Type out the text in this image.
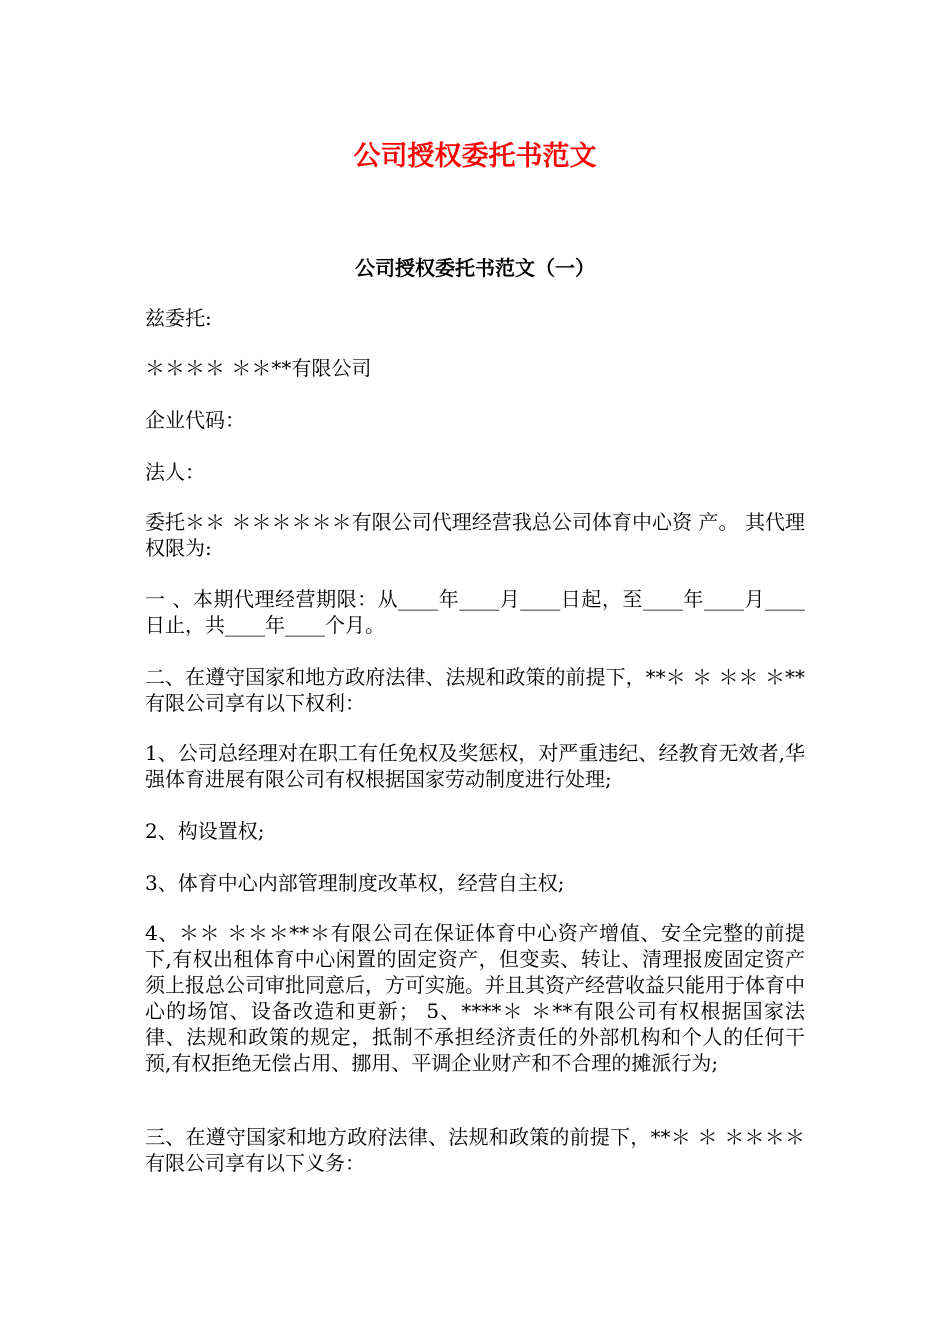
公司授权委托书范文
公司授权委托书范文（一）

兹委托:

＊＊＊＊ ＊＊**有限公司

企业代码：

法人：

委托＊＊ ＊＊＊＊＊＊有限公司代理经营我总公司体育中心资 产。 其代理权限为:

一 、本期代理经营期限：从____年____月____日起，至____年____月____日止，共____年____个月。

二、在遵守国家和地方政府法律、法规和政策的前提下，**＊ ＊ ＊＊ ＊**有限公司享有以下权利：

1、公司总经理对在职工有任免权及奖惩权，对严重违纪、经教育无效者,华强体育进展有限公司有权根据国家劳动制度进行处理;

2、构设置权;

3、体育中心内部管理制度改革权，经营自主权;

4、＊＊ ＊＊＊**＊有限公司在保证体育中心资产增值、安全完整的前提下,有权出租体育中心闲置的固定资产，但变卖、转让、清理报废固定资产须上报总公司审批同意后，方可实施。并且其资产经营收益只能用于体育中心的场馆、设备改造和更新； 5、****＊ ＊**有限公司有权根据国家法律、法规和政策的规定，抵制不承担经济责任的外部机构和个人的任何干预,有权拒绝无偿占用、挪用、平调企业财产和不合理的摊派行为;

三、在遵守国家和地方政府法律、法规和政策的前提下，**＊ ＊ ＊＊＊＊有限公司享有以下义务：
